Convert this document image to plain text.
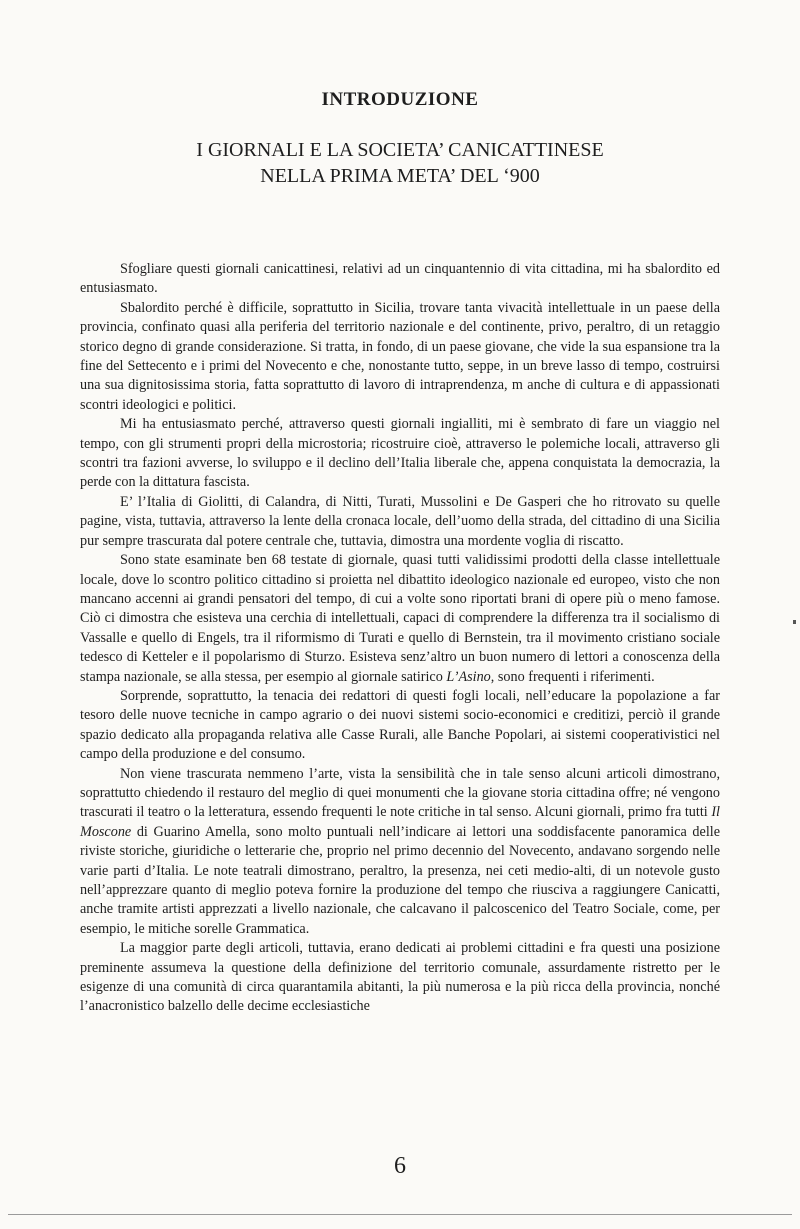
INTRODUZIONE
I GIORNALI E LA SOCIETA’ CANICATTINESE
NELLA PRIMA META’ DEL ‘900

Sfogliare questi giornali canicattinesi, relativi ad un cinquantennio di vita cittadina, mi ha sbalordito ed entusiasmato.

Sbalordito perché è difficile, soprattutto in Sicilia, trovare tanta vivacità intellettuale in un paese della provincia, confinato quasi alla periferia del territorio nazionale e del continente, privo, peraltro, di un retaggio storico degno di grande considerazione. Si tratta, in fondo, di un paese giovane, che vide la sua espansione tra la fine del Settecento e i primi del Novecento e che, nonostante tutto, seppe, in un breve lasso di tempo, costruirsi una sua dignitosissima storia, fatta soprattutto di lavoro di intraprendenza, m anche di cultura e di appassionati scontri ideologici e politici.

Mi ha entusiasmato perché, attraverso questi giornali ingialliti, mi è sembrato di fare un viaggio nel tempo, con gli strumenti propri della microstoria; ricostruire cioè, attraverso le polemiche locali, attraverso gli scontri tra fazioni avverse, lo sviluppo e il declino dell’Italia liberale che, appena conquistata la democrazia, la perde con la dittatura fascista.

E’ l’Italia di Giolitti, di Calandra, di Nitti, Turati, Mussolini e De Gasperi che ho ritrovato su quelle pagine, vista, tuttavia, attraverso la lente della cronaca locale, dell’uomo della strada, del cittadino di una Sicilia pur sempre trascurata dal potere centrale che, tuttavia, dimostra una mordente voglia di riscatto.

Sono state esaminate ben 68 testate di giornale, quasi tutti validissimi prodotti della classe intellettuale locale, dove lo scontro politico cittadino si proietta nel dibattito ideologico nazionale ed europeo, visto che non mancano accenni ai grandi pensatori del tempo, di cui a volte sono riportati brani di opere più o meno famose. Ciò ci dimostra che esisteva una cerchia di intellettuali, capaci di comprendere la differenza tra il socialismo di Vassalle e quello di Engels, tra il riformismo di Turati e quello di Bernstein, tra il movimento cristiano sociale tedesco di Ketteler e il popolarismo di Sturzo. Esisteva senz’altro un buon numero di lettori a conoscenza della stampa nazionale, se alla stessa, per esempio al giornale satirico L’Asino, sono frequenti i riferimenti.

Sorprende, soprattutto, la tenacia dei redattori di questi fogli locali, nell’educare la popolazione a far tesoro delle nuove tecniche in campo agrario o dei nuovi sistemi socio-economici e creditizi, perciò il grande spazio dedicato alla propaganda relativa alle Casse Rurali, alle Banche Popolari, ai sistemi cooperativistici nel campo della produzione e del consumo.

Non viene trascurata nemmeno l’arte, vista la sensibilità che in tale senso alcuni articoli dimostrano, soprattutto chiedendo il restauro del meglio di quei monumenti che la giovane storia cittadina offre; né vengono trascurati il teatro o la letteratura, essendo frequenti le note critiche in tal senso. Alcuni giornali, primo fra tutti Il Moscone di Guarino Amella, sono molto puntuali nell’indicare ai lettori una soddisfacente panoramica delle riviste storiche, giuridiche o letterarie che, proprio nel primo decennio del Novecento, andavano sorgendo nelle varie parti d’Italia. Le note teatrali dimostrano, peraltro, la presenza, nei ceti medio-alti, di un notevole gusto nell’apprezzare quanto di meglio poteva fornire la produzione del tempo che riusciva a raggiungere Canicatti, anche tramite artisti apprezzati a livello nazionale, che calcavano il palcoscenico del Teatro Sociale, come, per esempio, le mitiche sorelle Grammatica.

La maggior parte degli articoli, tuttavia, erano dedicati ai problemi cittadini e fra questi una posizione preminente assumeva la questione della definizione del territorio comunale, assurdamente ristretto per le esigenze di una comunità di circa quarantamila abitanti, la più numerosa e la più ricca della provincia, nonché l’anacronistico balzello delle decime ecclesiastiche

6
